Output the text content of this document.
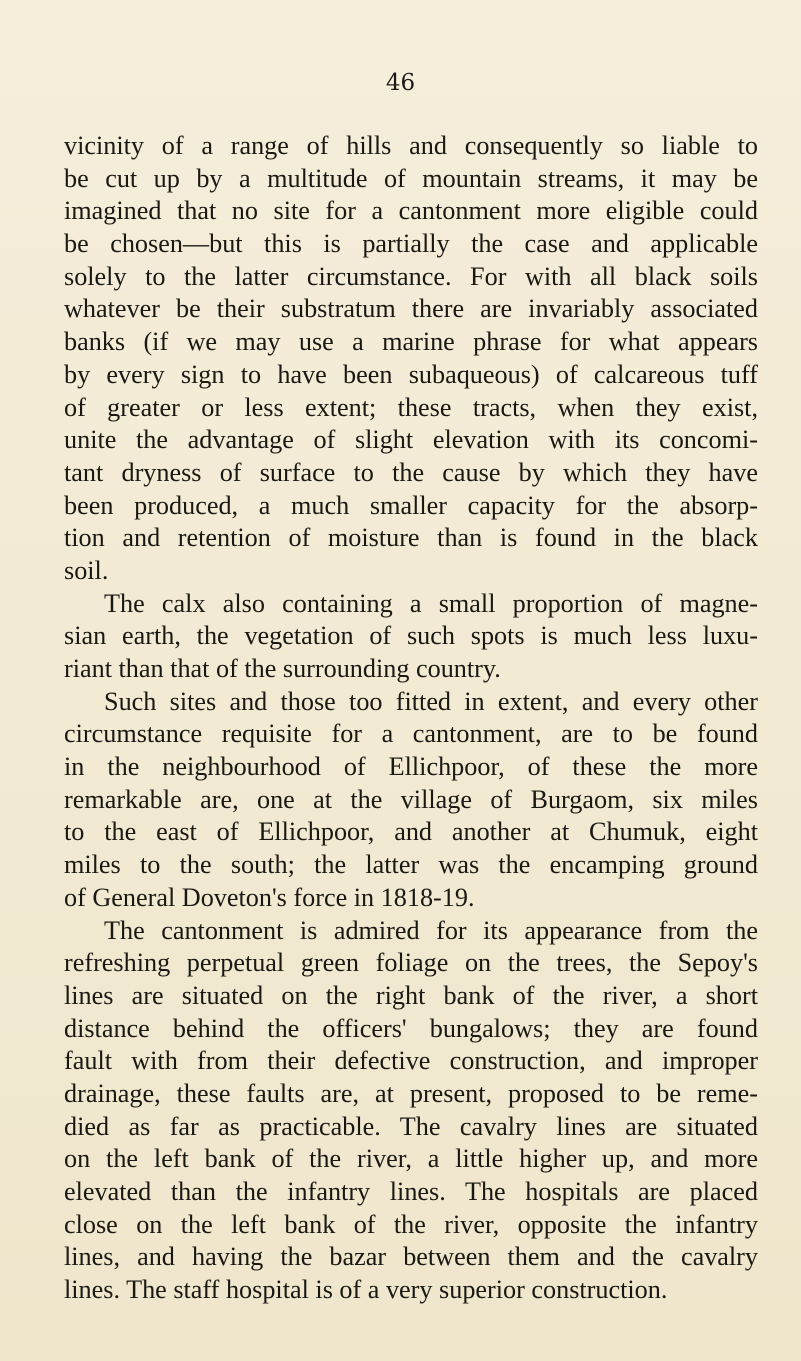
46
vicinity of a range of hills and consequently so liable to
be cut up by a multitude of mountain streams, it may be
imagined that no site for a cantonment more eligible could
be chosen—but this is partially the case and applicable
solely to the latter circumstance. For with all black soils
whatever be their substratum there are invariably associated
banks (if we may use a marine phrase for what appears
by every sign to have been subaqueous) of calcareous tuff
of greater or less extent; these tracts, when they exist,
unite the advantage of slight elevation with its concomi-
tant dryness of surface to the cause by which they have
been produced, a much smaller capacity for the absorp-
tion and retention of moisture than is found in the black
soil.
The calx also containing a small proportion of magne-
sian earth, the vegetation of such spots is much less luxu-
riant than that of the surrounding country.
Such sites and those too fitted in extent, and every other
circumstance requisite for a cantonment, are to be found
in the neighbourhood of Ellichpoor, of these the more
remarkable are, one at the village of Burgaom, six miles
to the east of Ellichpoor, and another at Chumuk, eight
miles to the south; the latter was the encamping ground
of General Doveton's force in 1818-19.
The cantonment is admired for its appearance from the
refreshing perpetual green foliage on the trees, the Sepoy's
lines are situated on the right bank of the river, a short
distance behind the officers' bungalows; they are found
fault with from their defective construction, and improper
drainage, these faults are, at present, proposed to be reme-
died as far as practicable. The cavalry lines are situated
on the left bank of the river, a little higher up, and more
elevated than the infantry lines. The hospitals are placed
close on the left bank of the river, opposite the infantry
lines, and having the bazar between them and the cavalry
lines. The staff hospital is of a very superior construction.
